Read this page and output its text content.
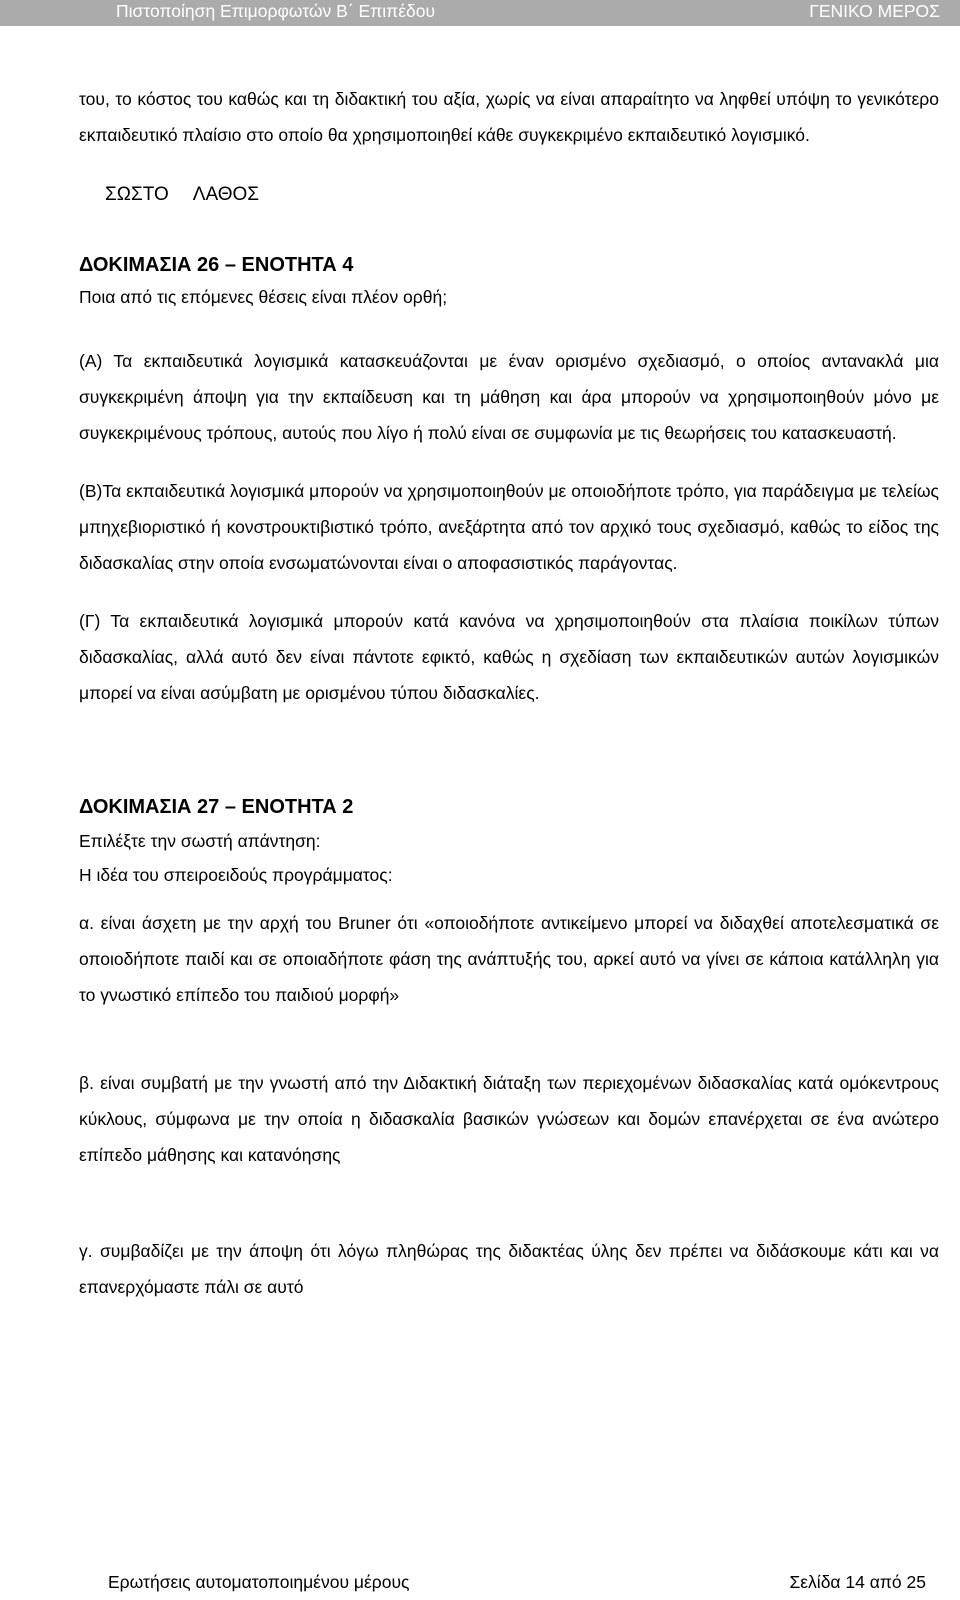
Πιστοποίηση Επιμορφωτών Β΄ Επιπέδου	ΓΕΝΙΚΟ ΜΕΡΟΣ

του, το κόστος του καθώς και τη διδακτική του αξία, χωρίς να είναι απαραίτητο να ληφθεί υπόψη το γενικότερο εκπαιδευτικό πλαίσιο στο οποίο θα χρησιμοποιηθεί κάθε συγκεκριμένο εκπαιδευτικό λογισμικό.

ΣΩΣΤΟ ΛΑΘΟΣ

ΔΟΚΙΜΑΣΙΑ 26 – ΕΝΟΤΗΤΑ 4

Ποια από τις επόμενες θέσεις είναι πλέον ορθή;

(Α) Τα εκπαιδευτικά λογισμικά κατασκευάζονται με έναν ορισμένο σχεδιασμό, ο οποίος αντανακλά μια συγκεκριμένη άποψη για την εκπαίδευση και τη μάθηση και άρα μπορούν να χρησιμοποιηθούν μόνο με συγκεκριμένους τρόπους, αυτούς που λίγο ή πολύ είναι σε συμφωνία με τις θεωρήσεις του κατασκευαστή.

(Β)Τα εκπαιδευτικά λογισμικά μπορούν να χρησιμοποιηθούν με οποιοδήποτε τρόπο, για παράδειγμα με τελείως μπηχεβιοριστικό ή κονστρουκτιβιστικό τρόπο, ανεξάρτητα από τον αρχικό τους σχεδιασμό, καθώς το είδος της διδασκαλίας στην οποία ενσωματώνονται είναι ο αποφασιστικός παράγοντας.

(Γ) Τα εκπαιδευτικά λογισμικά μπορούν κατά κανόνα να χρησιμοποιηθούν στα πλαίσια ποικίλων τύπων διδασκαλίας, αλλά αυτό δεν είναι πάντοτε εφικτό, καθώς η σχεδίαση των εκπαιδευτικών αυτών λογισμικών μπορεί να είναι ασύμβατη με ορισμένου τύπου διδασκαλίες.

ΔΟΚΙΜΑΣΙΑ 27 – ΕΝΟΤΗΤΑ 2

Επιλέξτε την σωστή απάντηση:

Η ιδέα του σπειροειδούς προγράμματος:

α. είναι άσχετη με την αρχή του Bruner ότι «οποιοδήποτε αντικείμενο μπορεί να διδαχθεί αποτελεσματικά σε οποιοδήποτε παιδί και σε οποιαδήποτε φάση της ανάπτυξής του, αρκεί αυτό να γίνει σε κάποια κατάλληλη για το γνωστικό επίπεδο του παιδιού μορφή»

β. είναι συμβατή με την γνωστή από την Διδακτική διάταξη των περιεχομένων διδασκαλίας κατά ομόκεντρους κύκλους, σύμφωνα με την οποία η διδασκαλία βασικών γνώσεων και δομών επανέρχεται σε ένα ανώτερο επίπεδο μάθησης και κατανόησης

γ. συμβαδίζει με την άποψη ότι λόγω πληθώρας της διδακτέας ύλης δεν πρέπει να διδάσκουμε κάτι και να επανερχόμαστε πάλι σε αυτό

Ερωτήσεις αυτοματοποιημένου μέρους	Σελίδα 14 από 25
